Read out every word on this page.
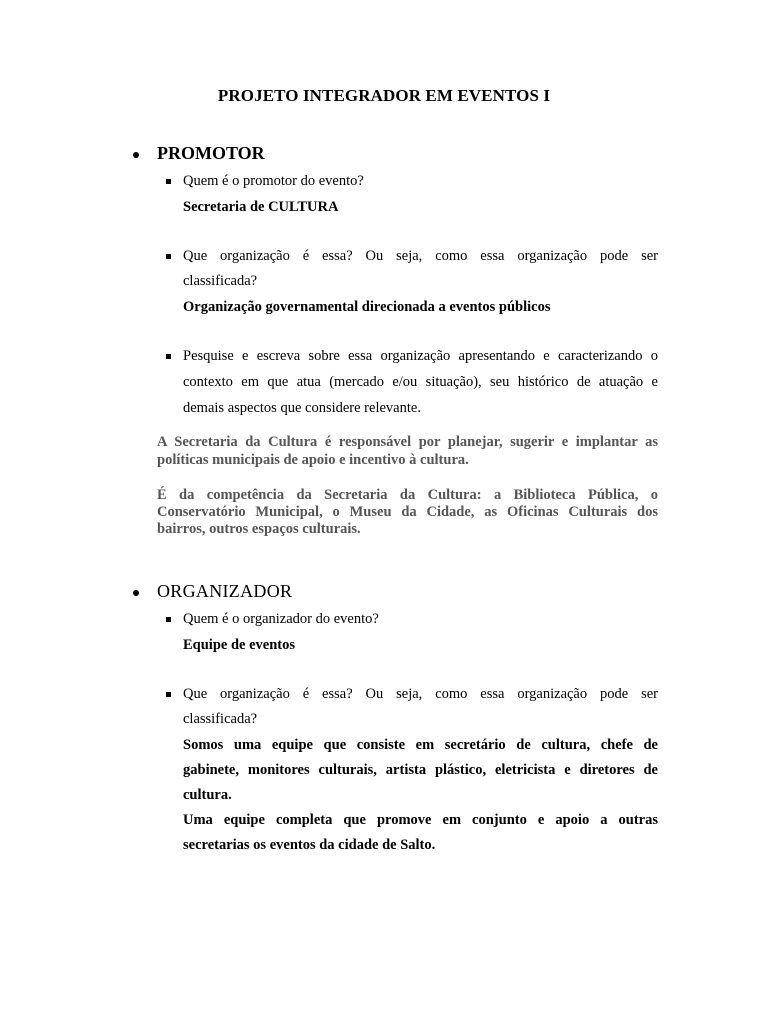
PROJETO INTEGRADOR EM EVENTOS I
PROMOTOR
Quem é o promotor do evento?
Secretaria de CULTURA
Que organização é essa? Ou seja, como essa organização pode ser
classificada?
Organização governamental direcionada a eventos públicos
Pesquise e escreva sobre essa organização apresentando e caracterizando o
contexto em que atua (mercado e/ou situação), seu histórico de atuação e
demais aspectos que considere relevante.
A Secretaria da Cultura é responsável por planejar, sugerir e implantar as
políticas municipais de apoio e incentivo à cultura.
É da competência da Secretaria da Cultura: a Biblioteca Pública, o
Conservatório Municipal, o Museu da Cidade, as Oficinas Culturais dos
bairros, outros espaços culturais.
ORGANIZADOR
Quem é o organizador do evento?
Equipe de eventos
Que organização é essa? Ou seja, como essa organização pode ser
classificada?
Somos uma equipe que consiste em secretário de cultura, chefe de
gabinete, monitores culturais, artista plástico, eletricista e diretores de
cultura.
Uma equipe completa que promove em conjunto e apoio a outras
secretarias os eventos da cidade de Salto.
